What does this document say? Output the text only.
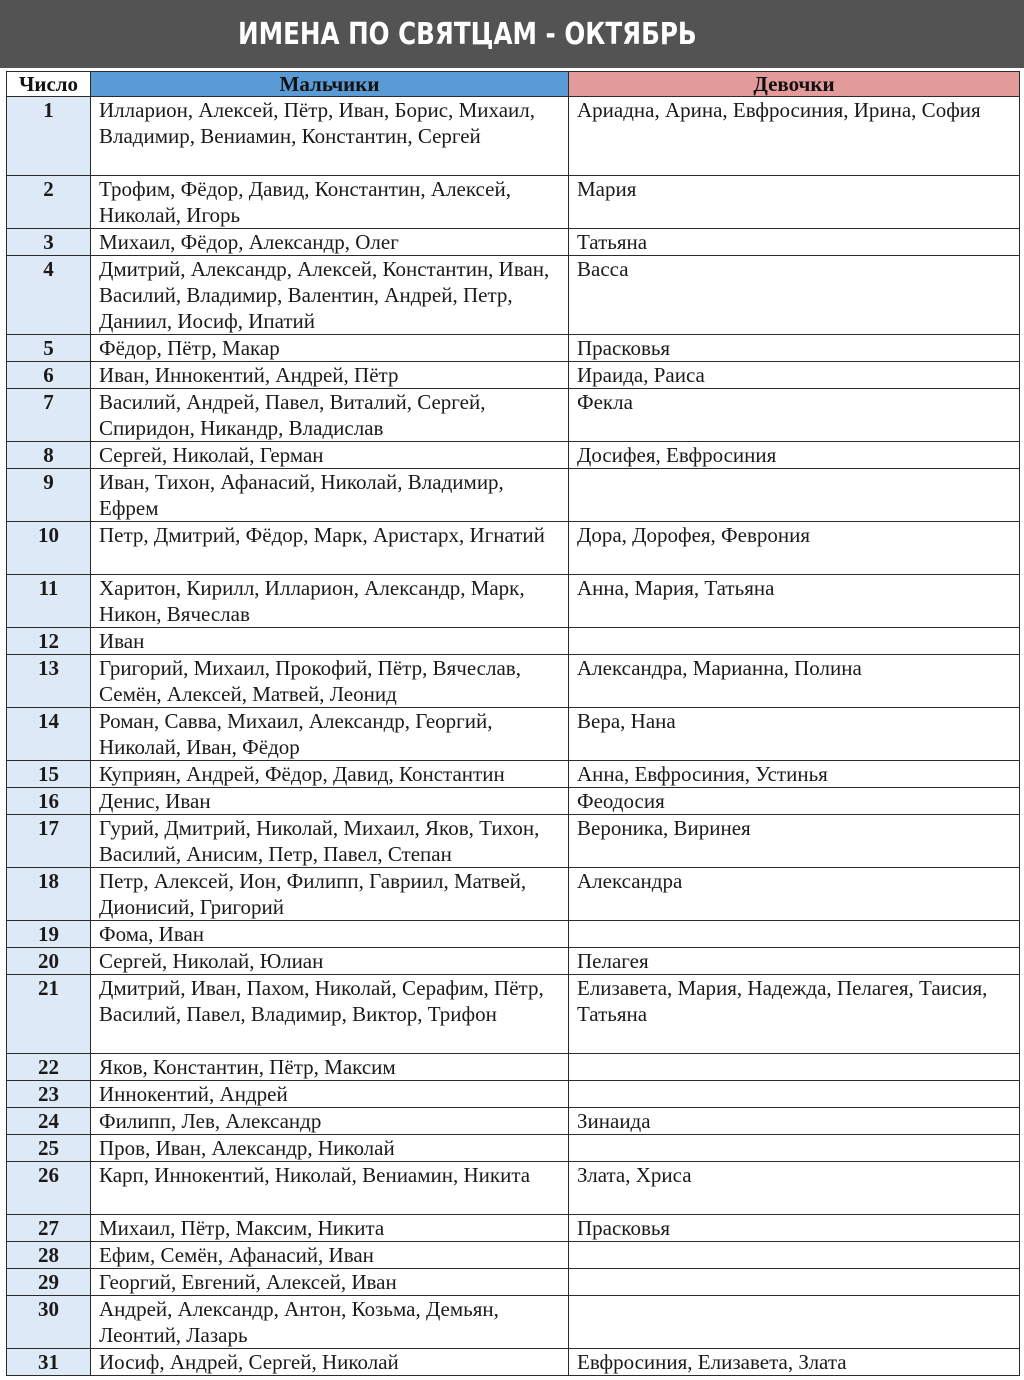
ИМЕНА ПО СВЯТЦАМ - ОКТЯБРЬ
Число	Мальчики	Девочки
1	Илларион, Алексей, Пётр, Иван, Борис, Михаил, Владимир, Вениамин, Константин, Сергей	Ариадна, Арина, Евфросиния, Ирина, София
2	Трофим, Фёдор, Давид, Константин, Алексей, Николай, Игорь	Мария
3	Михаил, Фёдор, Александр, Олег	Татьяна
4	Дмитрий, Александр, Алексей, Константин, Иван, Василий, Владимир, Валентин, Андрей, Петр, Даниил, Иосиф, Ипатий	Васса
5	Фёдор, Пётр, Макар	Прасковья
6	Иван, Иннокентий, Андрей, Пётр	Ираида, Раиса
7	Василий, Андрей, Павел, Виталий, Сергей, Спиридон, Никандр, Владислав	Фекла
8	Сергей, Николай, Герман	Досифея, Евфросиния
9	Иван, Тихон, Афанасий, Николай, Владимир, Ефрем	
10	Петр, Дмитрий, Фёдор, Марк, Аристарх, Игнатий	Дора, Дорофея, Феврония
11	Харитон, Кирилл, Илларион, Александр, Марк, Никон, Вячеслав	Анна, Мария, Татьяна
12	Иван	
13	Григорий, Михаил, Прокофий, Пётр, Вячеслав, Семён, Алексей, Матвей, Леонид	Александра, Марианна, Полина
14	Роман, Савва, Михаил, Александр, Георгий, Николай, Иван, Фёдор	Вера, Нана
15	Куприян, Андрей, Фёдор, Давид, Константин	Анна, Евфросиния, Устинья
16	Денис, Иван	Феодосия
17	Гурий, Дмитрий, Николай, Михаил, Яков, Тихон, Василий, Анисим, Петр, Павел, Степан	Вероника, Виринея
18	Петр, Алексей, Ион, Филипп, Гавриил, Матвей, Дионисий, Григорий	Александра
19	Фома, Иван	
20	Сергей, Николай, Юлиан	Пелагея
21	Дмитрий, Иван, Пахом, Николай, Серафим, Пётр, Василий, Павел, Владимир, Виктор, Трифон	Елизавета, Мария, Надежда, Пелагея, Таисия, Татьяна
22	Яков, Константин, Пётр, Максим	
23	Иннокентий, Андрей	
24	Филипп, Лев, Александр	Зинаида
25	Пров, Иван, Александр, Николай	
26	Карп, Иннокентий, Николай, Вениамин, Никита	Злата, Хриса
27	Михаил, Пётр, Максим, Никита	Прасковья
28	Ефим, Семён, Афанасий, Иван	
29	Георгий, Евгений, Алексей, Иван	
30	Андрей, Александр, Антон, Козьма, Демьян, Леонтий, Лазарь	
31	Иосиф, Андрей, Сергей, Николай	Евфросиния, Елизавета, Злата
